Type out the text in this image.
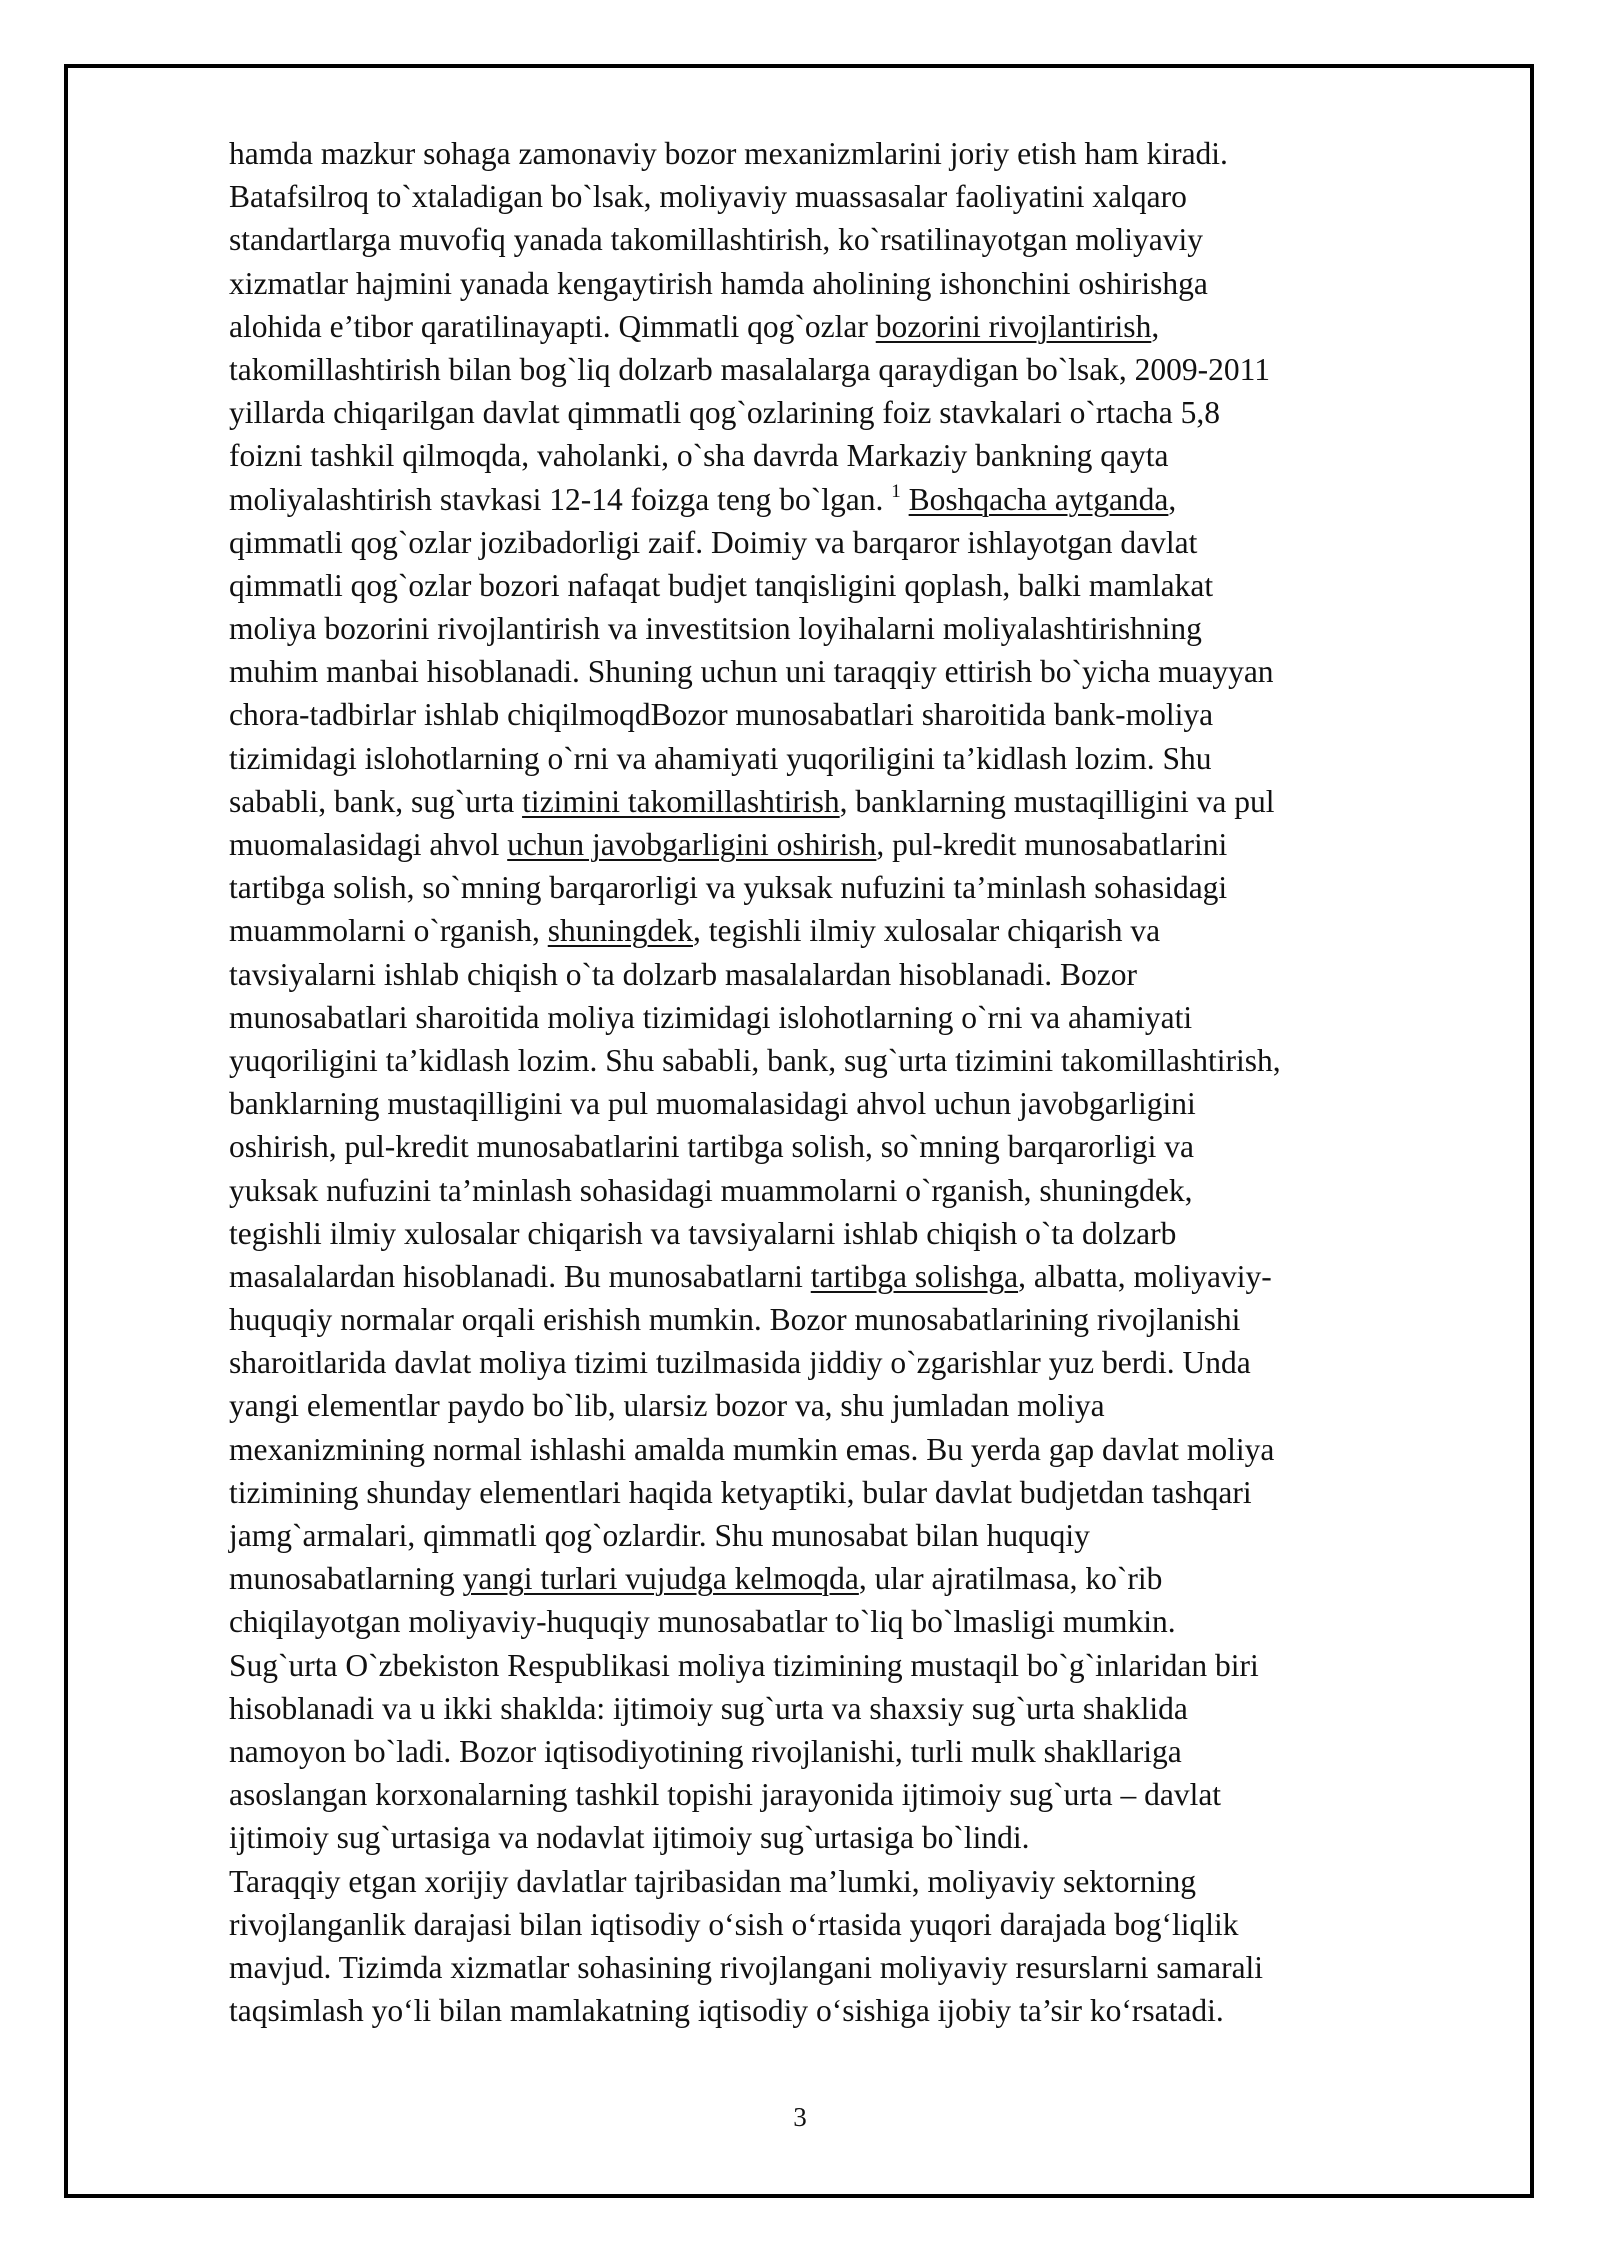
hamda mazkur sohaga zamonaviy bozor mexanizmlarini joriy etish ham kiradi.
Batafsilroq to`xtaladigan bo`lsak, moliyaviy muassasalar faoliyatini xalqaro
standartlarga muvofiq yanada takomillashtirish, ko`rsatilinayotgan moliyaviy
xizmatlar hajmini yanada kengaytirish hamda aholining ishonchini oshirishga
alohida e’tibor qaratilinayapti. Qimmatli qog`ozlar bozorini rivojlantirish,
takomillashtirish bilan bog`liq dolzarb masalalarga qaraydigan bo`lsak, 2009-2011
yillarda chiqarilgan davlat qimmatli qog`ozlarining foiz stavkalari o`rtacha 5,8
foizni tashkil qilmoqda, vaholanki, o`sha davrda Markaziy bankning qayta
moliyalashtirish stavkasi 12-14 foizga teng bo`lgan. $^1$ Boshqacha aytganda,
qimmatli qog`ozlar jozibadorligi zaif. Doimiy va barqaror ishlayotgan davlat
qimmatli qog`ozlar bozori nafaqat budjet tanqisligini qoplash, balki mamlakat
moliya bozorini rivojlantirish va investitsion loyihalarni moliyalashtirishning
muhim manbai hisoblanadi. Shuning uchun uni taraqqiy ettirish bo`yicha muayyan
chora-tadbirlar ishlab chiqilmoqdBozor munosabatlari sharoitida bank-moliya
tizimidagi islohotlarning o`rni va ahamiyati yuqoriligini ta’kidlash lozim. Shu
sababli, bank, sug`urta tizimini takomillashtirish, banklarning mustaqilligini va pul
muomalasidagi ahvol uchun javobgarligini oshirish, pul-kredit munosabatlarini
tartibga solish, so`mning barqarorligi va yuksak nufuzini ta’minlash sohasidagi
muammolarni o`rganish, shuningdek, tegishli ilmiy xulosalar chiqarish va
tavsiyalarni ishlab chiqish o`ta dolzarb masalalardan hisoblanadi. Bozor
munosabatlari sharoitida moliya tizimidagi islohotlarning o`rni va ahamiyati
yuqoriligini ta’kidlash lozim. Shu sababli, bank, sug`urta tizimini takomillashtirish,
banklarning mustaqilligini va pul muomalasidagi ahvol uchun javobgarligini
oshirish, pul-kredit munosabatlarini tartibga solish, so`mning barqarorligi va
yuksak nufuzini ta’minlash sohasidagi muammolarni o`rganish, shuningdek,
tegishli ilmiy xulosalar chiqarish va tavsiyalarni ishlab chiqish o`ta dolzarb
masalalardan hisoblanadi. Bu munosabatlarni tartibga solishga, albatta, moliyaviy-
huquqiy normalar orqali erishish mumkin. Bozor munosabatlarining rivojlanishi
sharoitlarida davlat moliya tizimi tuzilmasida jiddiy o`zgarishlar yuz berdi. Unda
yangi elementlar paydo bo`lib, ularsiz bozor va, shu jumladan moliya
mexanizmining normal ishlashi amalda mumkin emas. Bu yerda gap davlat moliya
tizimining shunday elementlari haqida ketyaptiki, bular davlat budjetdan tashqari
jamg`armalari, qimmatli qog`ozlardir. Shu munosabat bilan huquqiy
munosabatlarning yangi turlari vujudga kelmoqda, ular ajratilmasa, ko`rib
chiqilayotgan moliyaviy-huquqiy munosabatlar to`liq bo`lmasligi mumkin.
Sug`urta O`zbekiston Respublikasi moliya tizimining mustaqil bo`g`inlaridan biri
hisoblanadi va u ikki shaklda: ijtimoiy sug`urta va shaxsiy sug`urta shaklida
namoyon bo`ladi. Bozor iqtisodiyotining rivojlanishi, turli mulk shakllariga
asoslangan korxonalarning tashkil topishi jarayonida ijtimoiy sug`urta – davlat
ijtimoiy sug`urtasiga va nodavlat ijtimoiy sug`urtasiga bo`lindi.
Taraqqiy etgan xorijiy davlatlar tajribasidan ma’lumki, moliyaviy sektorning
rivojlanganlik darajasi bilan iqtisodiy o‘sish o‘rtasida yuqori darajada bog‘liqlik
mavjud. Tizimda xizmatlar sohasining rivojlangani moliyaviy resurslarni samarali
taqsimlash yo‘li bilan mamlakatning iqtisodiy o‘sishiga ijobiy ta’sir ko‘rsatadi.
3
